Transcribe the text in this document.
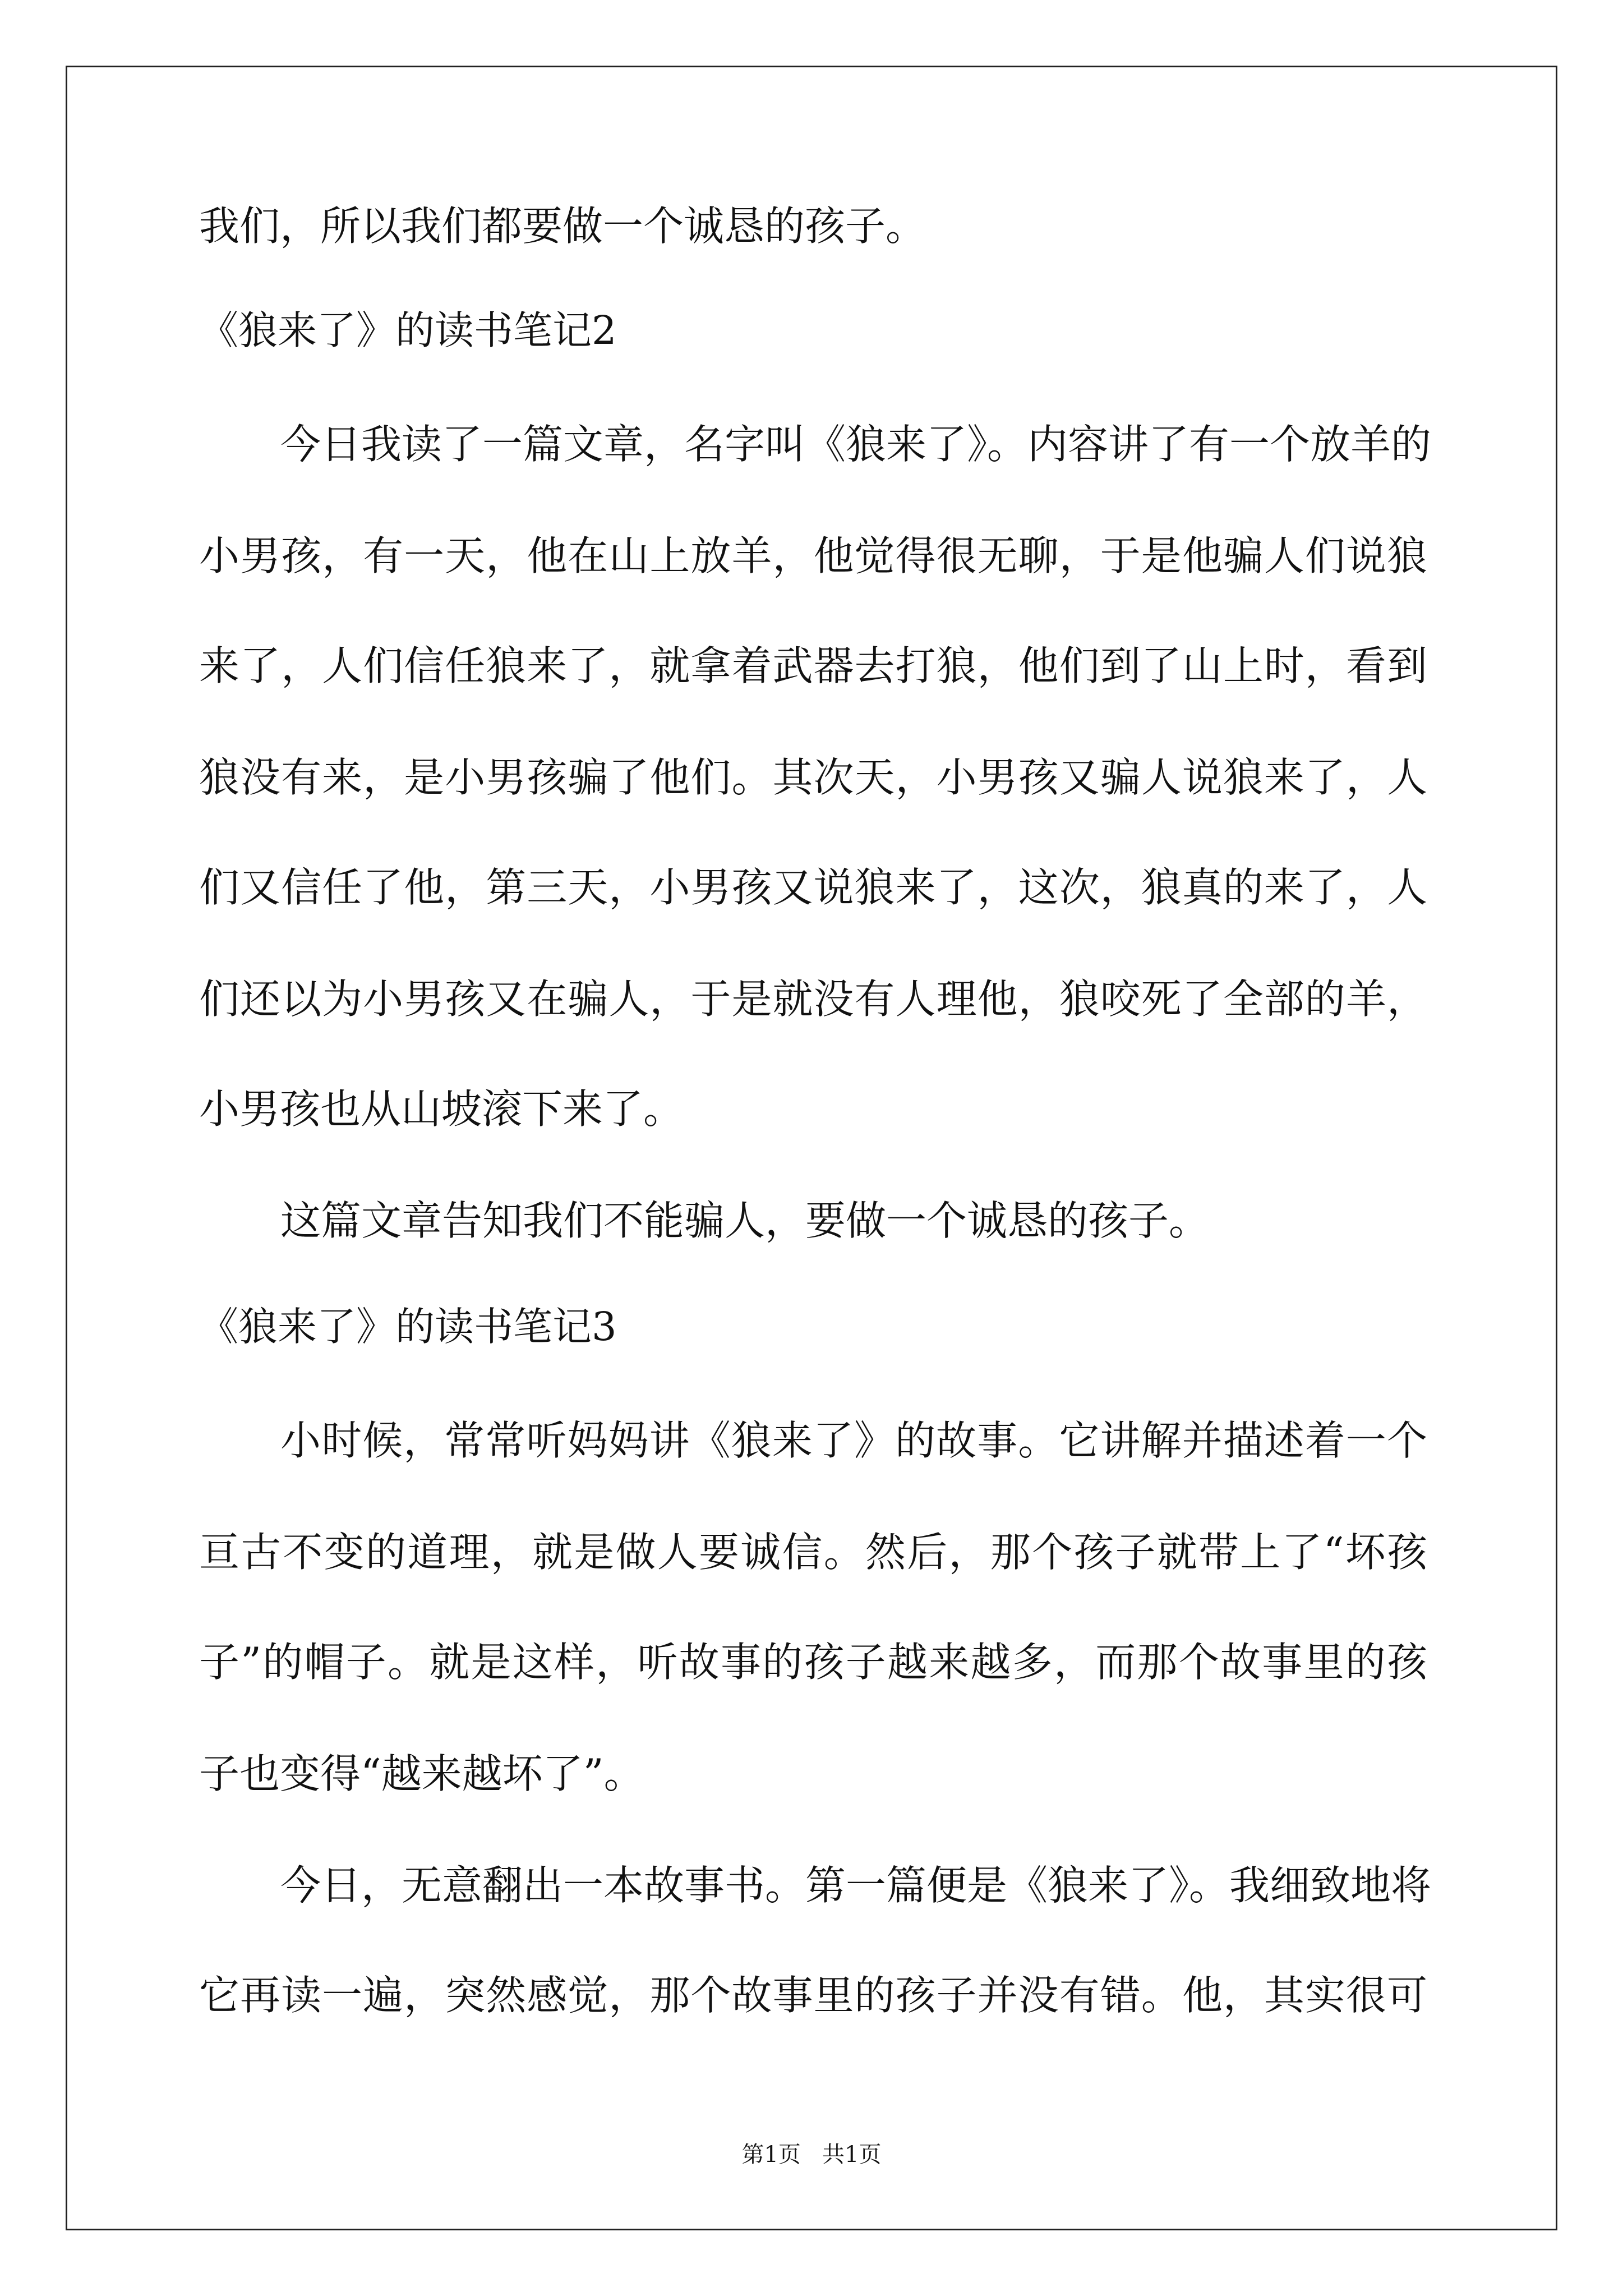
我们，所以我们都要做一个诚恳的孩子。
《狼来了》的读书笔记2
今日我读了一篇文章，名字叫《狼来了》。内容讲了有一个放羊的
小男孩，有一天，他在山上放羊，他觉得很无聊，于是他骗人们说狼
来了，人们信任狼来了，就拿着武器去打狼，他们到了山上时，看到
狼没有来，是小男孩骗了他们。其次天，小男孩又骗人说狼来了，人
们又信任了他，第三天，小男孩又说狼来了，这次，狼真的来了，人
们还以为小男孩又在骗人，于是就没有人理他，狼咬死了全部的羊，
小男孩也从山坡滚下来了。
这篇文章告知我们不能骗人，要做一个诚恳的孩子。
《狼来了》的读书笔记3
小时候，常常听妈妈讲《狼来了》的故事。它讲解并描述着一个
亘古不变的道理，就是做人要诚信。然后，那个孩子就带上了“坏孩
子”的帽子。就是这样，听故事的孩子越来越多，而那个故事里的孩
子也变得“越来越坏了”。
今日，无意翻出一本故事书。第一篇便是《狼来了》。我细致地将
它再读一遍，突然感觉，那个故事里的孩子并没有错。他，其实很可
第1页   共1页
